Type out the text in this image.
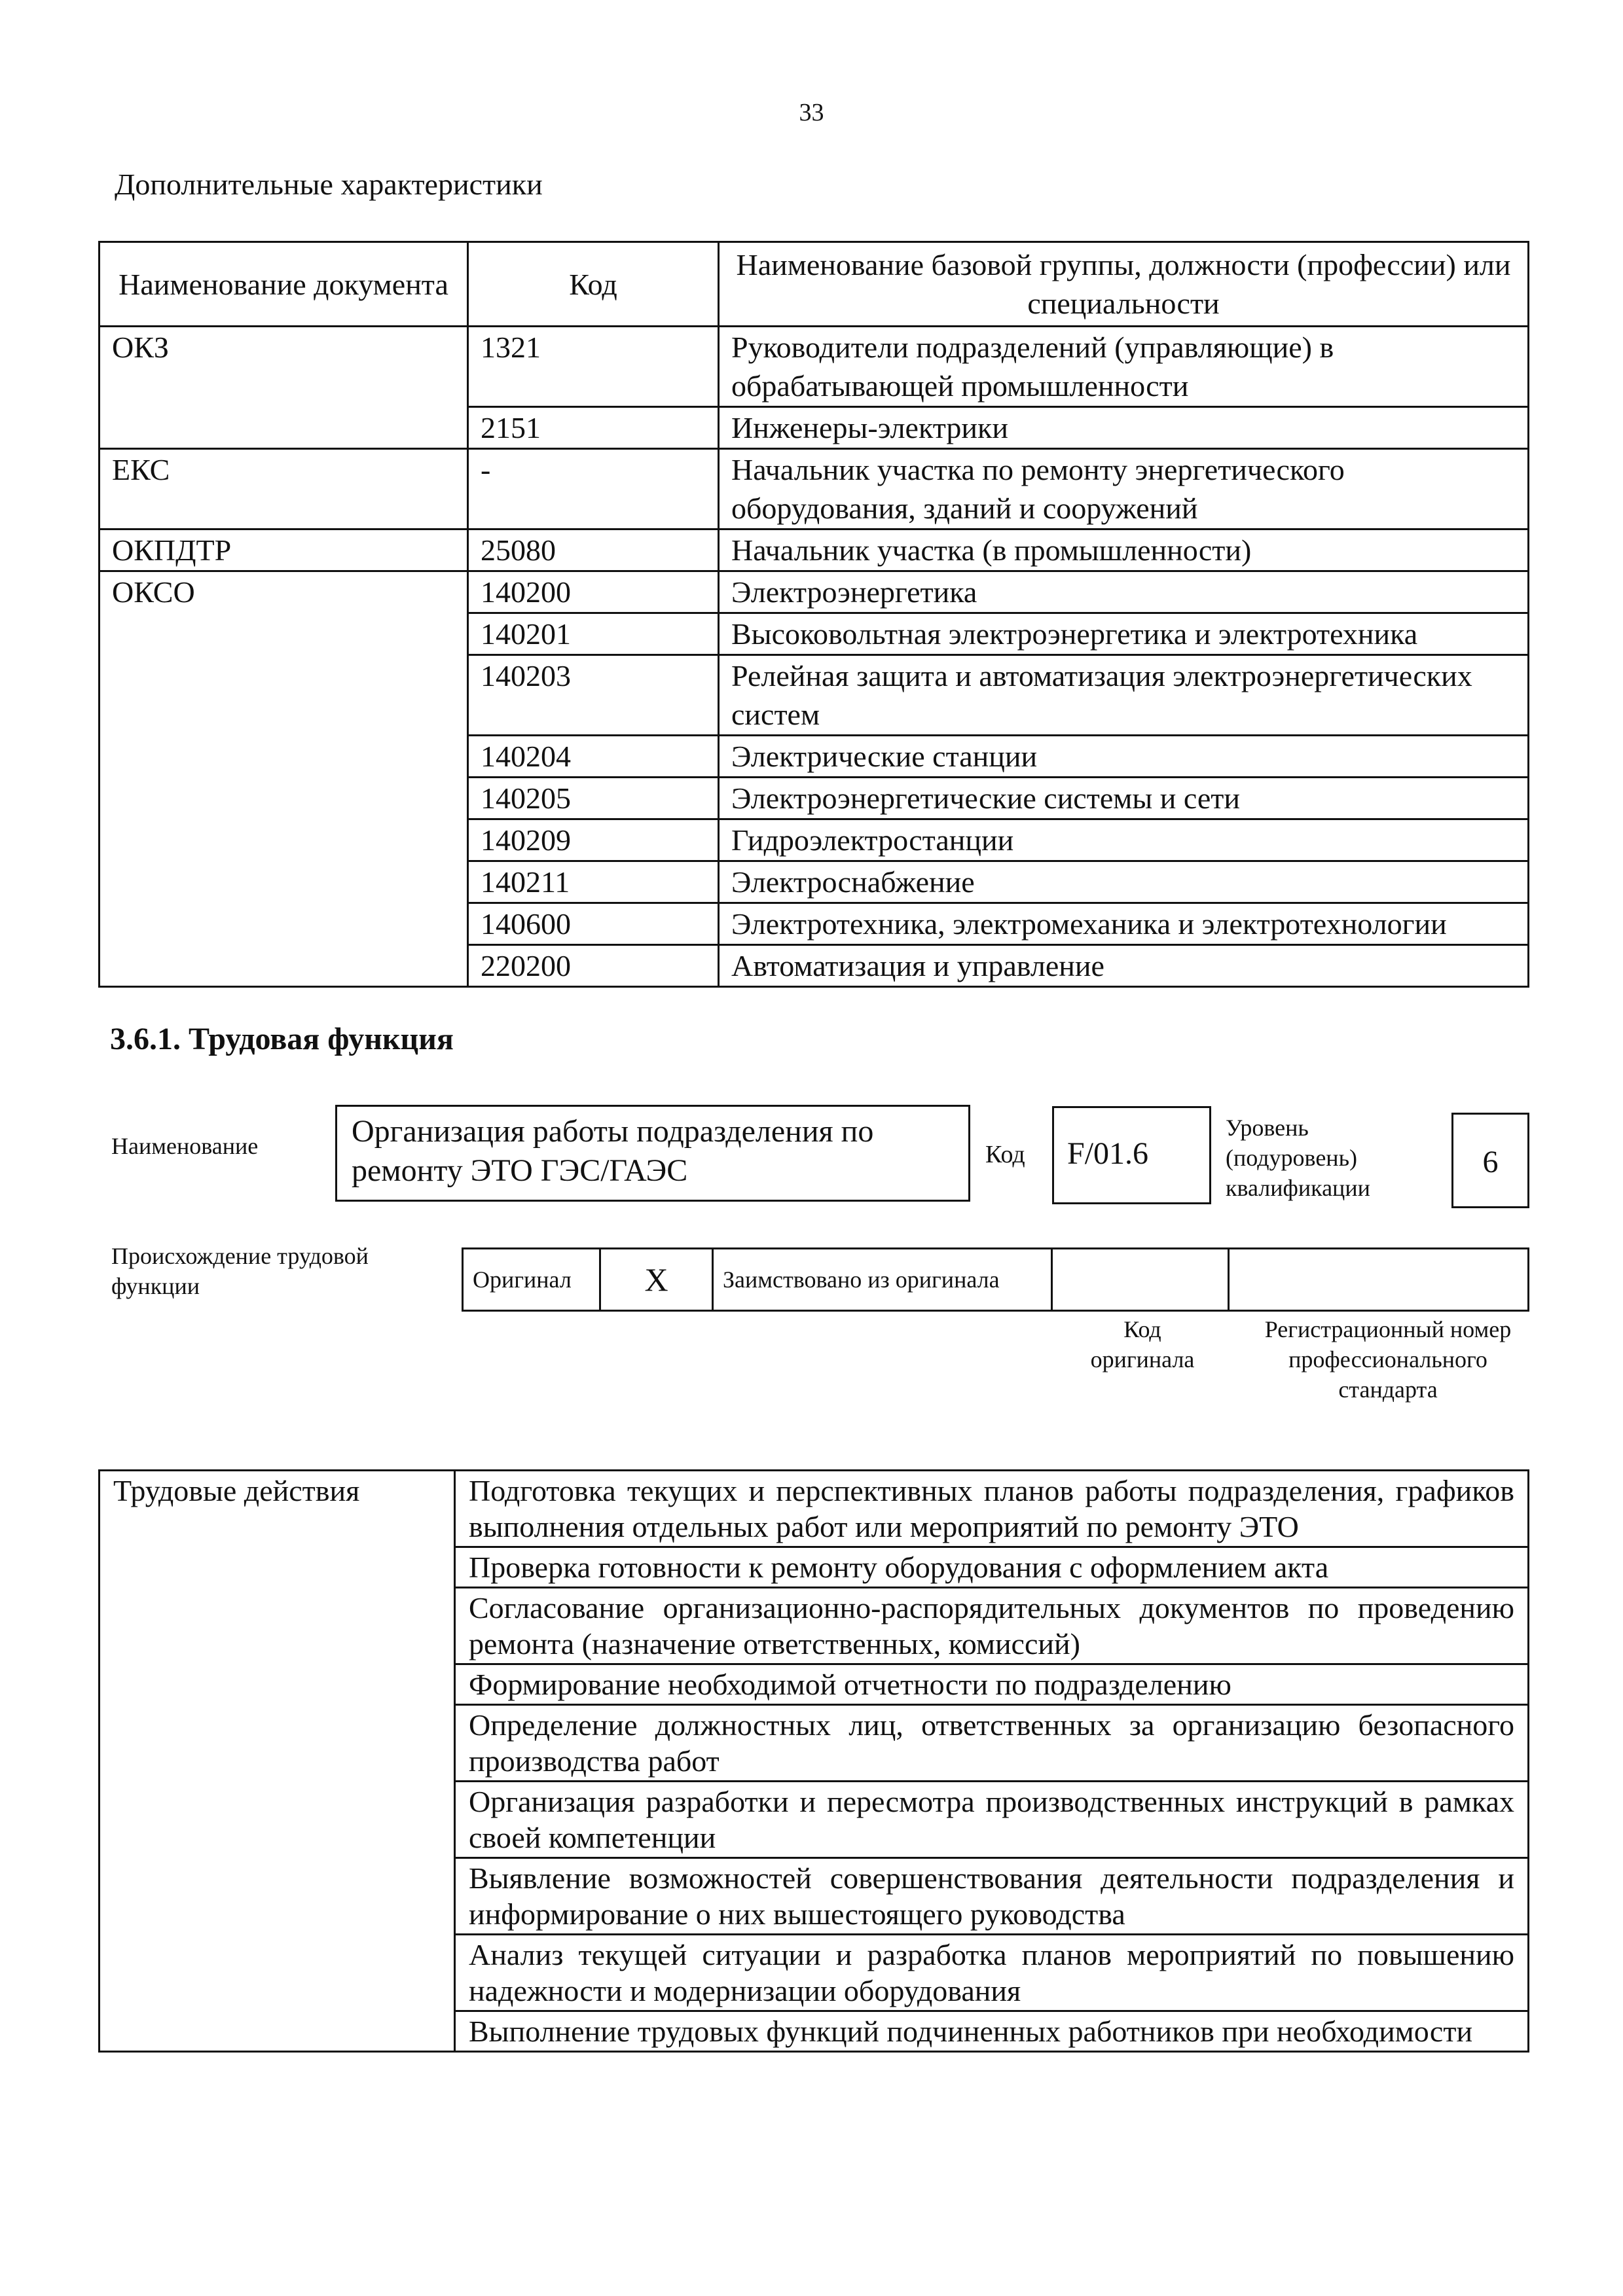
33
Дополнительные характеристики
Наименование документа	Код	Наименование базовой группы, должности (профессии) или специальности
ОКЗ	1321	Руководители подразделений (управляющие) в обрабатывающей промышленности
	2151	Инженеры-электрики
ЕКС	-	Начальник участка по ремонту энергетического оборудования, зданий и сооружений
ОКПДТР	25080	Начальник участка (в промышленности)
ОКСО	140200	Электроэнергетика
	140201	Высоковольтная электроэнергетика и электротехника
	140203	Релейная защита и автоматизация электроэнергетических систем
	140204	Электрические станции
	140205	Электроэнергетические системы и сети
	140209	Гидроэлектростанции
	140211	Электроснабжение
	140600	Электротехника, электромеханика и электротехнологии
	220200	Автоматизация и управление
3.6.1. Трудовая функция
Наименование	Организация работы подразделения по ремонту ЭТО ГЭС/ГАЭС	Код	F/01.6
Уровень (подуровень) квалификации
6
Происхождение трудовой функции	Оригинал	X	Заимствовано из оригинала		
Код оригинала
Регистрационный номер профессионального стандарта
Трудовые действия	Подготовка текущих и перспективных планов работы подразделения, графиков выполнения отдельных работ или мероприятий по ремонту ЭТО
Проверка готовности к ремонту оборудования с оформлением акта
Согласование организационно-распорядительных документов по проведению ремонта (назначение ответственных, комиссий)
Формирование необходимой отчетности по подразделению
Определение должностных лиц, ответственных за организацию безопасного производства работ
Организация разработки и пересмотра производственных инструкций в рамках своей компетенции
Выявление возможностей совершенствования деятельности подразделения и информирование о них вышестоящего руководства
Анализ текущей ситуации и разработка планов мероприятий по повышению надежности и модернизации оборудования
Выполнение трудовых функций подчиненных работников при необходимости
